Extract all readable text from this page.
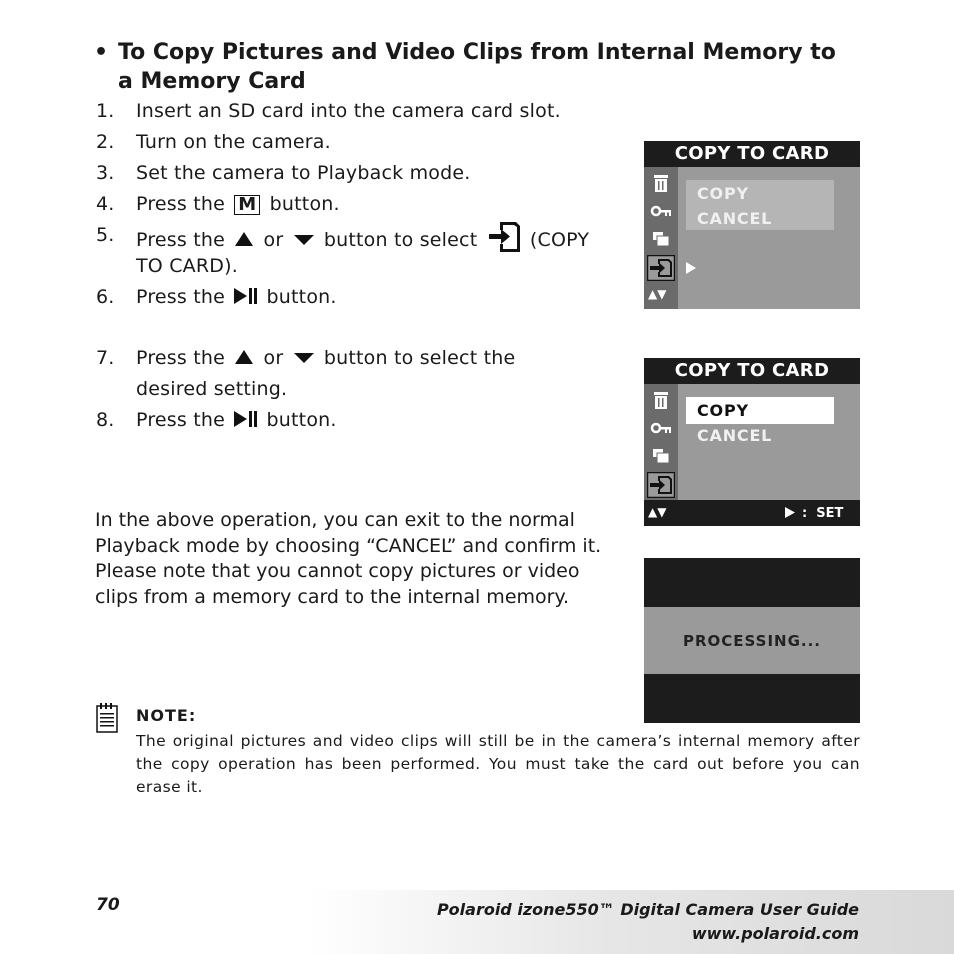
• To Copy Pictures and Video Clips from Internal Memory to a Memory Card
1. Insert an SD card into the camera card slot.
2. Turn on the camera.
3. Set the camera to Playback mode.
4. Press the M button.
5. Press the or button to select	(COPY
TO CARD).
6. Press the button.
7. Press the or button to select the
desired setting.
8. Press the button.
In the above operation, you can exit to the normal Playback mode by choosing “CANCEL” and confirm it. Please note that you cannot copy pictures or video clips from a memory card to the internal memory.
COPY TO CARD
▲▼
COPY
CANCEL
COPY TO CARD
COPY
CANCEL
▲▼	:  SET
PROCESSING...
NOTE:
The original pictures and video clips will still be in the camera’s internal memory after the copy operation has been performed. You must take the card out before you can erase it.
70	Polaroid izone550™ Digital Camera User Guide
www.polaroid.com
